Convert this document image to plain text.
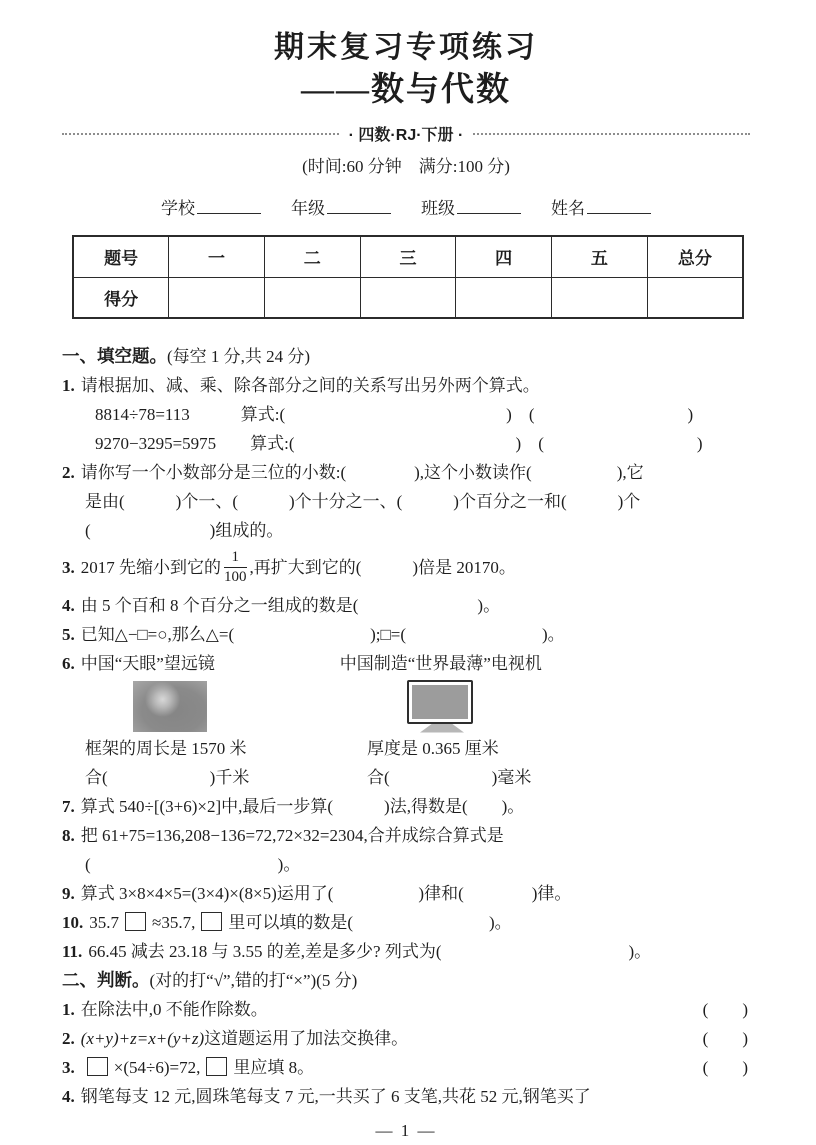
期末复习专项练习
——数与代数
· 四数·RJ·下册 ·
(时间:60 分钟　满分:100 分)
学校	年级	班级	姓名
题号	一	二	三	四	五	总分
得分						
一、填空题。(每空 1 分,共 24 分)
1. 请根据加、减、乘、除各部分之间的关系写出另外两个算式。
8814÷78=113　　　算式:(　　　　　　　　　　　　　)　(　　　　　　　　　)
9270−3295=5975　　算式:(　　　　　　　　　　　　　)　(　　　　　　　　　)
2. 请你写一个小数部分是三位的小数:(　　　　),这个小数读作(　　　　　),它
是由(　　　)个一、(　　　)个十分之一、(　　　)个百分之一和(　　　)个
(　　　　　　　)组成的。
3. 2017 先缩小到它的 $\frac{1}{100}$ ,再扩大到它的(　　　)倍是 20170。
4. 由 5 个百和 8 个百分之一组成的数是(　　　　　　　)。
5. 已知△−□=○,那么△=(　　　　　　　　);□=(　　　　　　　　)。
6. 中国“天眼”望远镜	中国制造“世界最薄”电视机
框架的周长是 1570 米	厚度是 0.365 厘米
合(　　　　　　)千米	合(　　　　　　)毫米
7. 算式 540÷[(3+6)×2]中,最后一步算(　　　)法,得数是(　　)。
8. 把 61+75=136,208−136=72,72×32=2304,合并成综合算式是
(　　　　　　　　　　　)。
9. 算式 3×8×4×5=(3×4)×(8×5)运用了(　　　　　)律和(　　　　)律。
10. 35.7 ≈35.7, 里可以填的数是(　　　　　　　　)。
11. 66.45 减去 23.18 与 3.55 的差,差是多少? 列式为(　　　　　　　　　　　)。
二、判断。(对的打“√”,错的打“×”)(5 分)
1. 在除法中,0 不能作除数。	(　　)
2. (x+y)+z=x+(y+z)这道题运用了加法交换律。	(　　)
3. ×(54÷6)=72, 里应填 8。	(　　)
4. 钢笔每支 12 元,圆珠笔每支 7 元,一共买了 6 支笔,共花 52 元,钢笔买了
— 1 —
